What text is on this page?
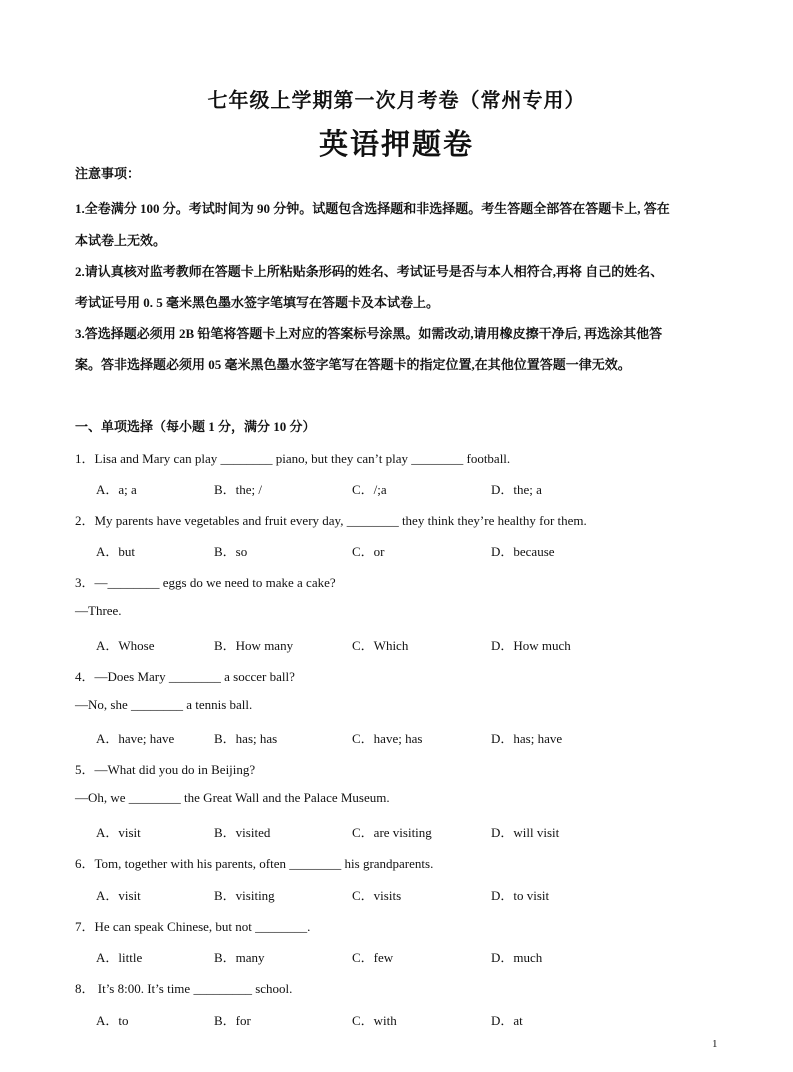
七年级上学期第一次月考卷（常州专用）
英语押题卷
注意事项：
1.全卷满分 100 分。考试时间为 90 分钟。试题包含选择题和非选择题。考生答题全部答在答题卡上, 答在
本试卷上无效。
2.请认真核对监考教师在答题卡上所粘贴条形码的姓名、考试证号是否与本人相符合,再将 自己的姓名、
考试证号用 0. 5 毫米黑色墨水签字笔填写在答题卡及本试卷上。
3.答选择题必须用 2B 铅笔将答题卡上对应的答案标号涂黑。如需改动,请用橡皮擦干净后, 再选涂其他答
案。答非选择题必须用 05 毫米黑色墨水签字笔写在答题卡的指定位置,在其他位置答题一律无效。
一、单项选择（每小题 1 分，满分 10 分）
1．Lisa and Mary can play ________ piano, but they can’t play ________ football.
A．a; a	B．the; /	C．/;a	D．the; a
2．My parents have vegetables and fruit every day, ________ they think they’re healthy for them.
A．but	B．so	C．or	D．because
3．—________ eggs do we need to make a cake?
—Three.
A．Whose	B．How many	C．Which	D．How much
4．—Does Mary ________ a soccer ball?
—No, she ________ a tennis ball.
A．have; have	B．has; has	C．have; has	D．has; have
5．—What did you do in Beijing?
—Oh, we ________ the Great Wall and the Palace Museum.
A．visit	B．visited	C．are visiting	D．will visit
6．Tom, together with his parents, often ________ his grandparents.
A．visit	B．visiting	C．visits	D．to visit
7．He can speak Chinese, but not ________.
A．little	B．many	C．few	D．much
8． It’s 8:00. It’s time _________ school.
A．to	B．for	C．with	D．at
1
